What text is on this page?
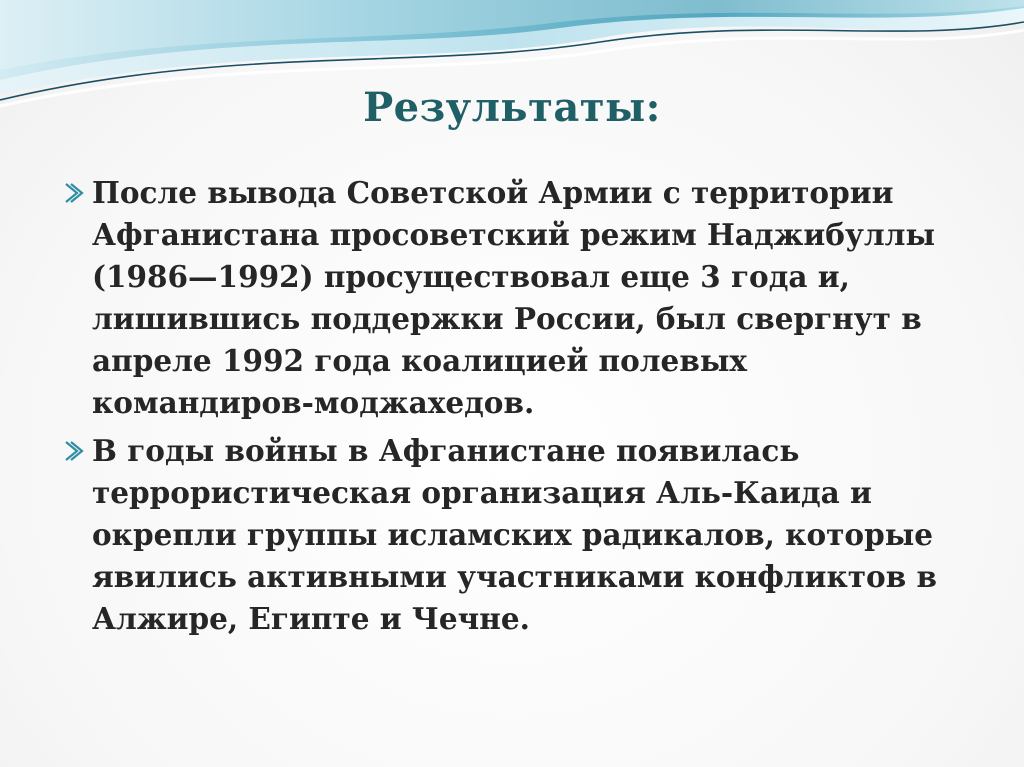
Результаты:
После вывода Советской Армии с территории Афганистана просоветский режим Наджибуллы (1986—1992) просуществовал еще 3 года и, лишившись поддержки России, был свергнут в апреле 1992 года коалицией полевых командиров-моджахедов.
В годы войны в Афганистане появилась террористическая организация Аль-Каида и окрепли группы исламских радикалов, которые явились активными участниками конфликтов в Алжире, Египте и Чечне.
